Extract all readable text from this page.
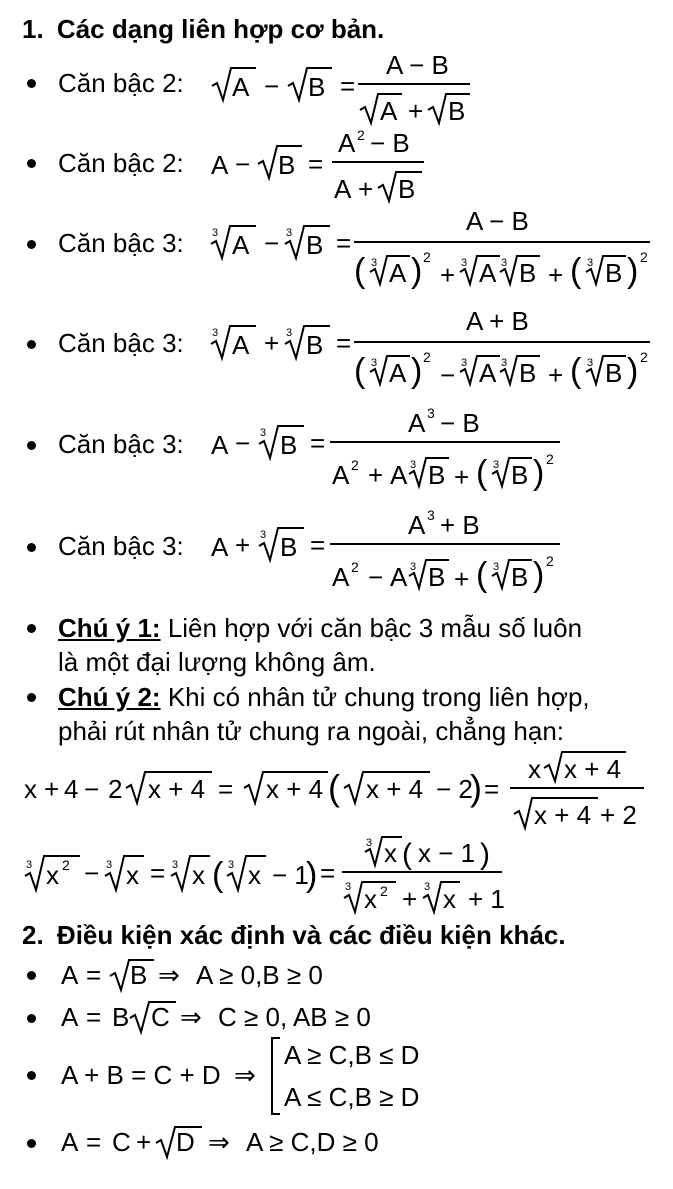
1. Các dạng liên hợp cơ bản.
Căn bậc 2: A − B =
A − B
A + B
Căn bậc 2: A − B =
A 2 − B
A + B
Căn bậc 3:	3 A − 3 B =
A − B
( 3 A ) 2
+ 3 A 3 B + ( 3 B ) 2
Căn bậc 3:	3 A + 3 B =
A + B
( 3 A ) 2
− 3 A 3 B + ( 3 B ) 2
Căn bậc 3: A − 3 B =
A 3 − B
A 2 + A 3 B + ( 3 B ) 2
Căn bậc 3: A + 3 B =
A 3 + B
A 2 − A 3 B + ( 3 B ) 2
Chú ý 1: Liên hợp với căn bậc 3 mẫu số luôn
là một đại lượng không âm.
Chú ý 2: Khi có nhân tử chung trong liên hợp,
phải rút nhân tử chung ra ngoài, chẳng hạn:
x + 4 − 2 x + 4 = x + 4 ( x + 4 − 2
) =
x x + 4
x + 4 + 2
3 x 2 − 3 x = 3 x ( 3 x − 1
) =
3 x ( x − 1 )
3 x 2 + 3 x + 1
2. Điều kiện xác định và các điều kiện khác.
A = B ⇒ A ≥ 0,B ≥ 0
A = B C ⇒ C ≥ 0, AB ≥ 0
A + B = C + D ⇒
A ≥ C,B ≤ D
A ≤ C,B ≥ D
A = C + D ⇒ A ≥ C,D ≥ 0
